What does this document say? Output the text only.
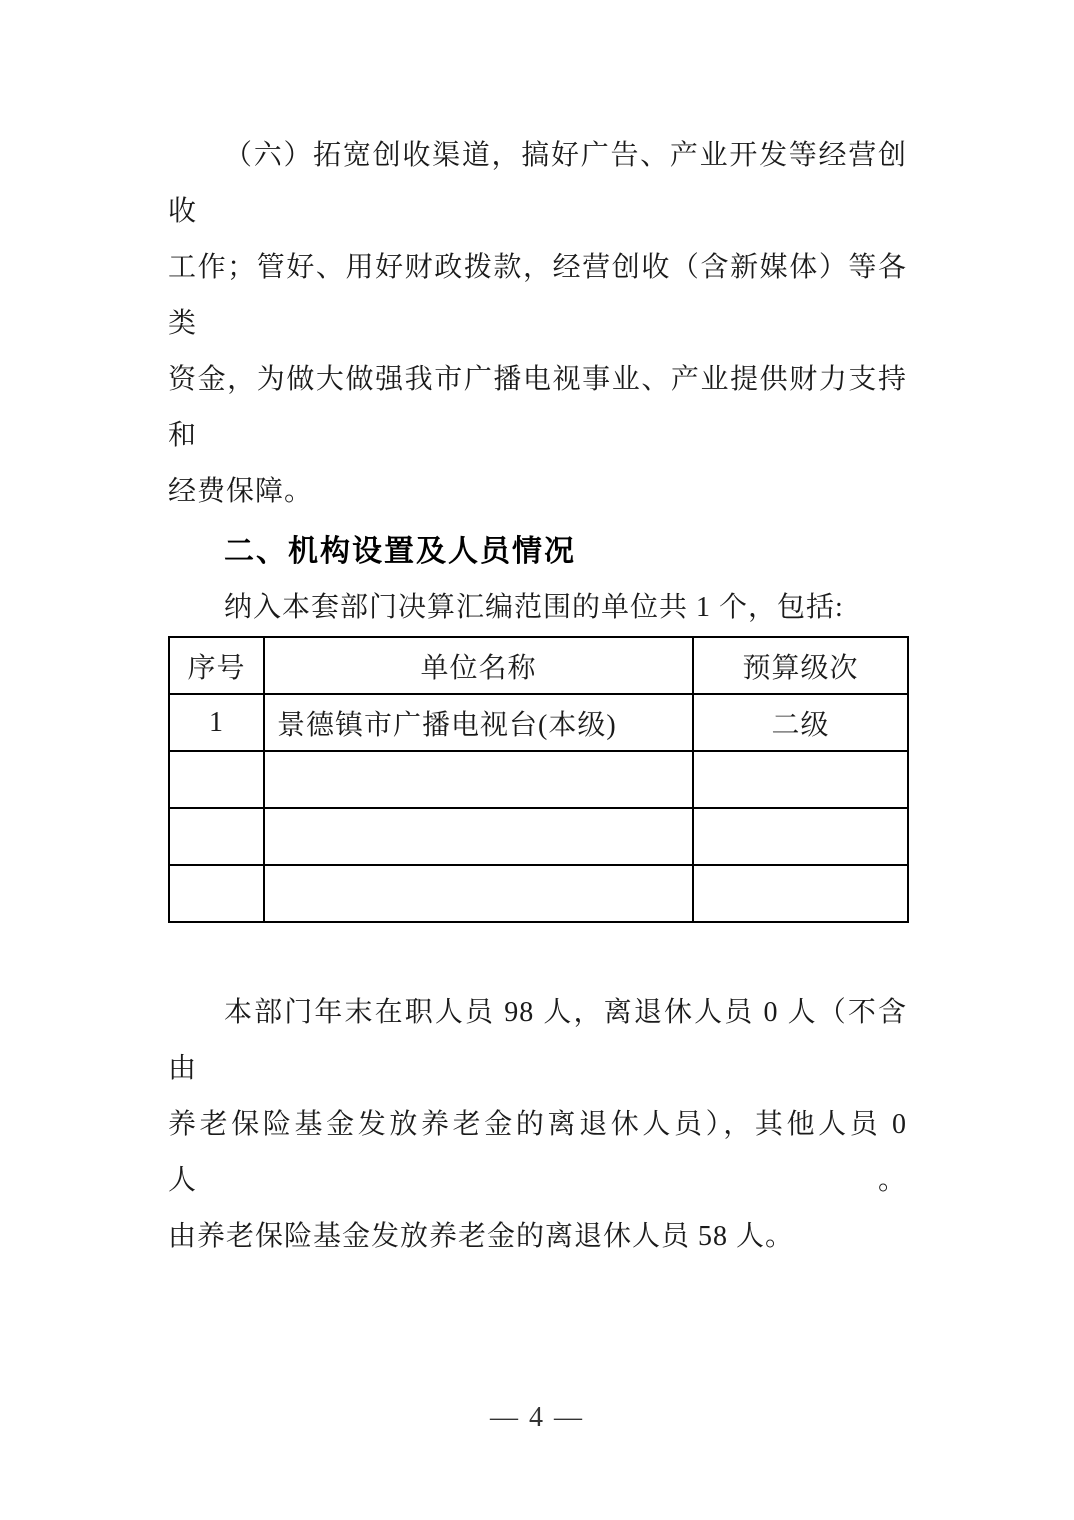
（六）拓宽创收渠道，搞好广告、产业开发等经营创收
工作；管好、用好财政拨款，经营创收（含新媒体）等各类
资金，为做大做强我市广播电视事业、产业提供财力支持和
经费保障。
二、机构设置及人员情况
纳入本套部门决算汇编范围的单位共 1 个，包括:
序号	单位名称	预算级次
1	景德镇市广播电视台(本级)	二级

本部门年末在职人员 98 人，离退休人员 0 人（不含由
养老保险基金发放养老金的离退休人员），其他人员 0 人。
由养老保险基金发放养老金的离退休人员 58 人。
— 4 —
